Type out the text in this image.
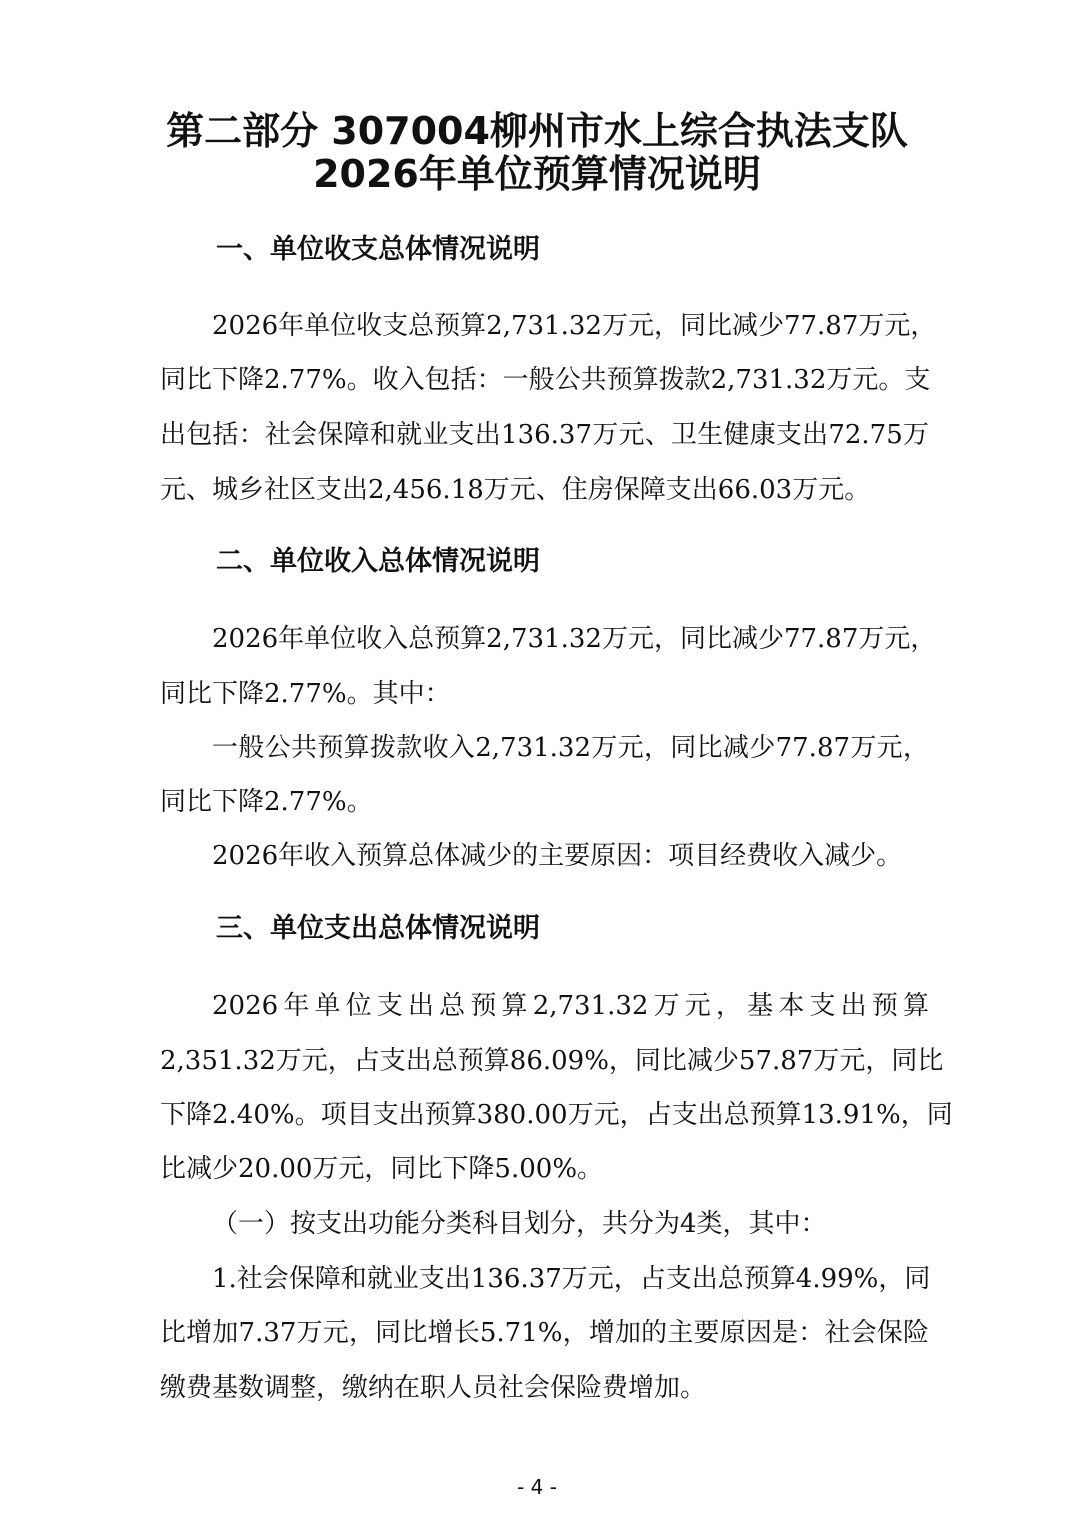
第二部分 307004柳州市水上综合执法支队
2026年单位预算情况说明
一、单位收支总体情况说明
2026年单位收支总预算2,731.32万元，同比减少77.87万元，
同比下降2.77%。收入包括：一般公共预算拨款2,731.32万元。支
出包括：社会保障和就业支出136.37万元、卫生健康支出72.75万
元、城乡社区支出2,456.18万元、住房保障支出66.03万元。
二、单位收入总体情况说明
2026年单位收入总预算2,731.32万元，同比减少77.87万元，
同比下降2.77%。其中：
一般公共预算拨款收入2,731.32万元，同比减少77.87万元，
同比下降2.77%。
2026年收入预算总体减少的主要原因：项目经费收入减少。
三、单位支出总体情况说明
2026年单位支出总预算2,731.32万元，基本支出预算
2,351.32万元，占支出总预算86.09%，同比减少57.87万元，同比
下降2.40%。项目支出预算380.00万元，占支出总预算13.91%，同
比减少20.00万元，同比下降5.00%。
（一）按支出功能分类科目划分，共分为4类，其中：
1.社会保障和就业支出136.37万元，占支出总预算4.99%，同
比增加7.37万元，同比增长5.71%，增加的主要原因是：社会保险
缴费基数调整，缴纳在职人员社会保险费增加。
- 4 -
